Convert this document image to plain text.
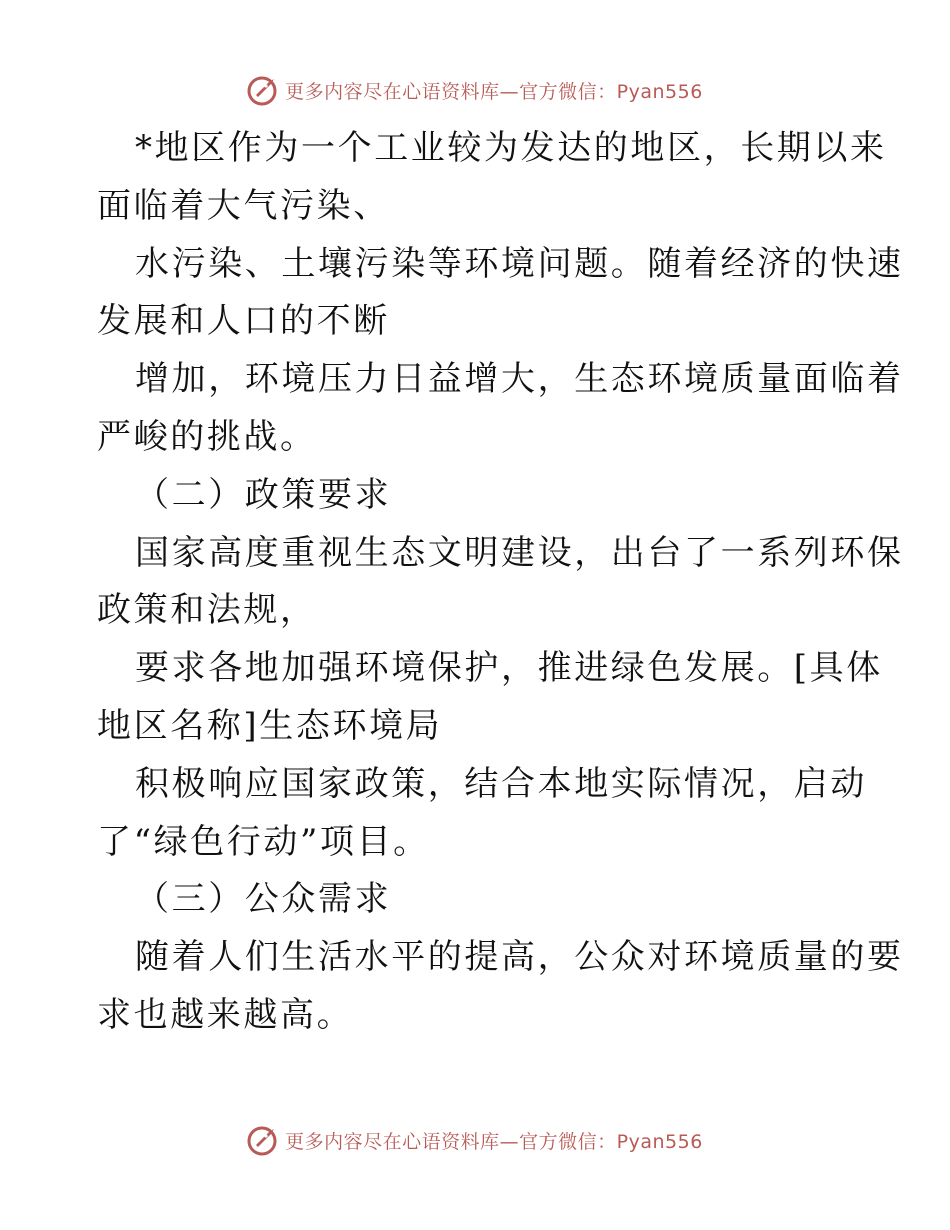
更多内容尽在心语资料库—官方微信：Pyan556
*地区作为一个工业较为发达的地区，长期以来
面临着大气污染、
水污染、土壤污染等环境问题。随着经济的快速
发展和人口的不断
增加，环境压力日益增大，生态环境质量面临着
严峻的挑战。
（二）政策要求
国家高度重视生态文明建设，出台了一系列环保
政策和法规，
要求各地加强环境保护，推进绿色发展。[具体
地区名称]生态环境局
积极响应国家政策，结合本地实际情况，启动
了“绿色行动”项目。
（三）公众需求
随着人们生活水平的提高，公众对环境质量的要
求也越来越高。
更多内容尽在心语资料库—官方微信：Pyan556
